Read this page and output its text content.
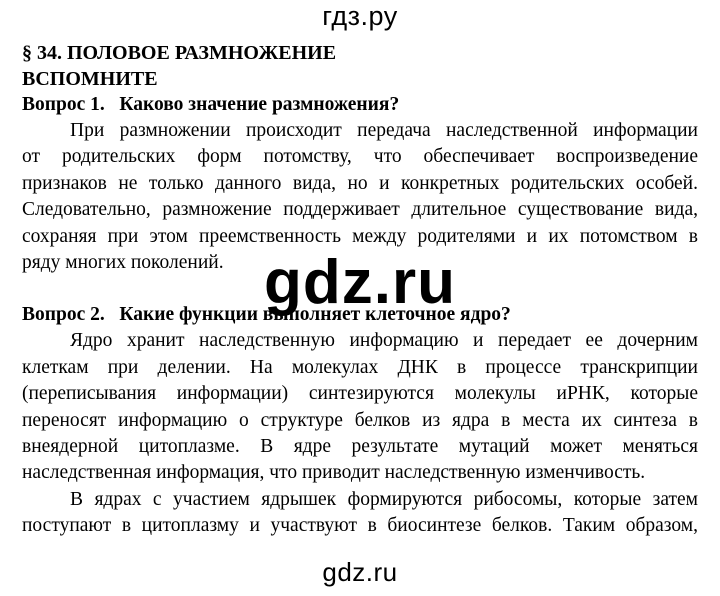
гдз.ру
§ 34. ПОЛОВОЕ РАЗМНОЖЕНИЕ
ВСПОМНИТЕ
Вопрос 1.   Каково значение размножения?
При размножении происходит передача наследственной информации
от родительских форм потомству, что обеспечивает воспроизведение
признаков не только данного вида, но и конкретных родительских особей.
Следовательно, размножение поддерживает длительное существование вида,
сохраняя при этом преемственность между родителями и их потомством в
ряду многих поколений.
Вопрос 2.   Какие функции выполняет клеточное ядро?
Ядро хранит наследственную информацию и передает ее дочерним
клеткам при делении. На молекулах ДНК в процессе транскрипции
(переписывания информации) синтезируются молекулы иРНК, которые
переносят информацию о структуре белков из ядра в места их синтеза в
внеядерной цитоплазме. В ядре результате мутаций может меняться
наследственная информация, что приводит наследственную изменчивость.
В ядрах с участием ядрышек формируются рибосомы, которые затем
поступают в цитоплазму и участвуют в биосинтезе белков. Таким образом,
gdz.ru
gdz.ru
